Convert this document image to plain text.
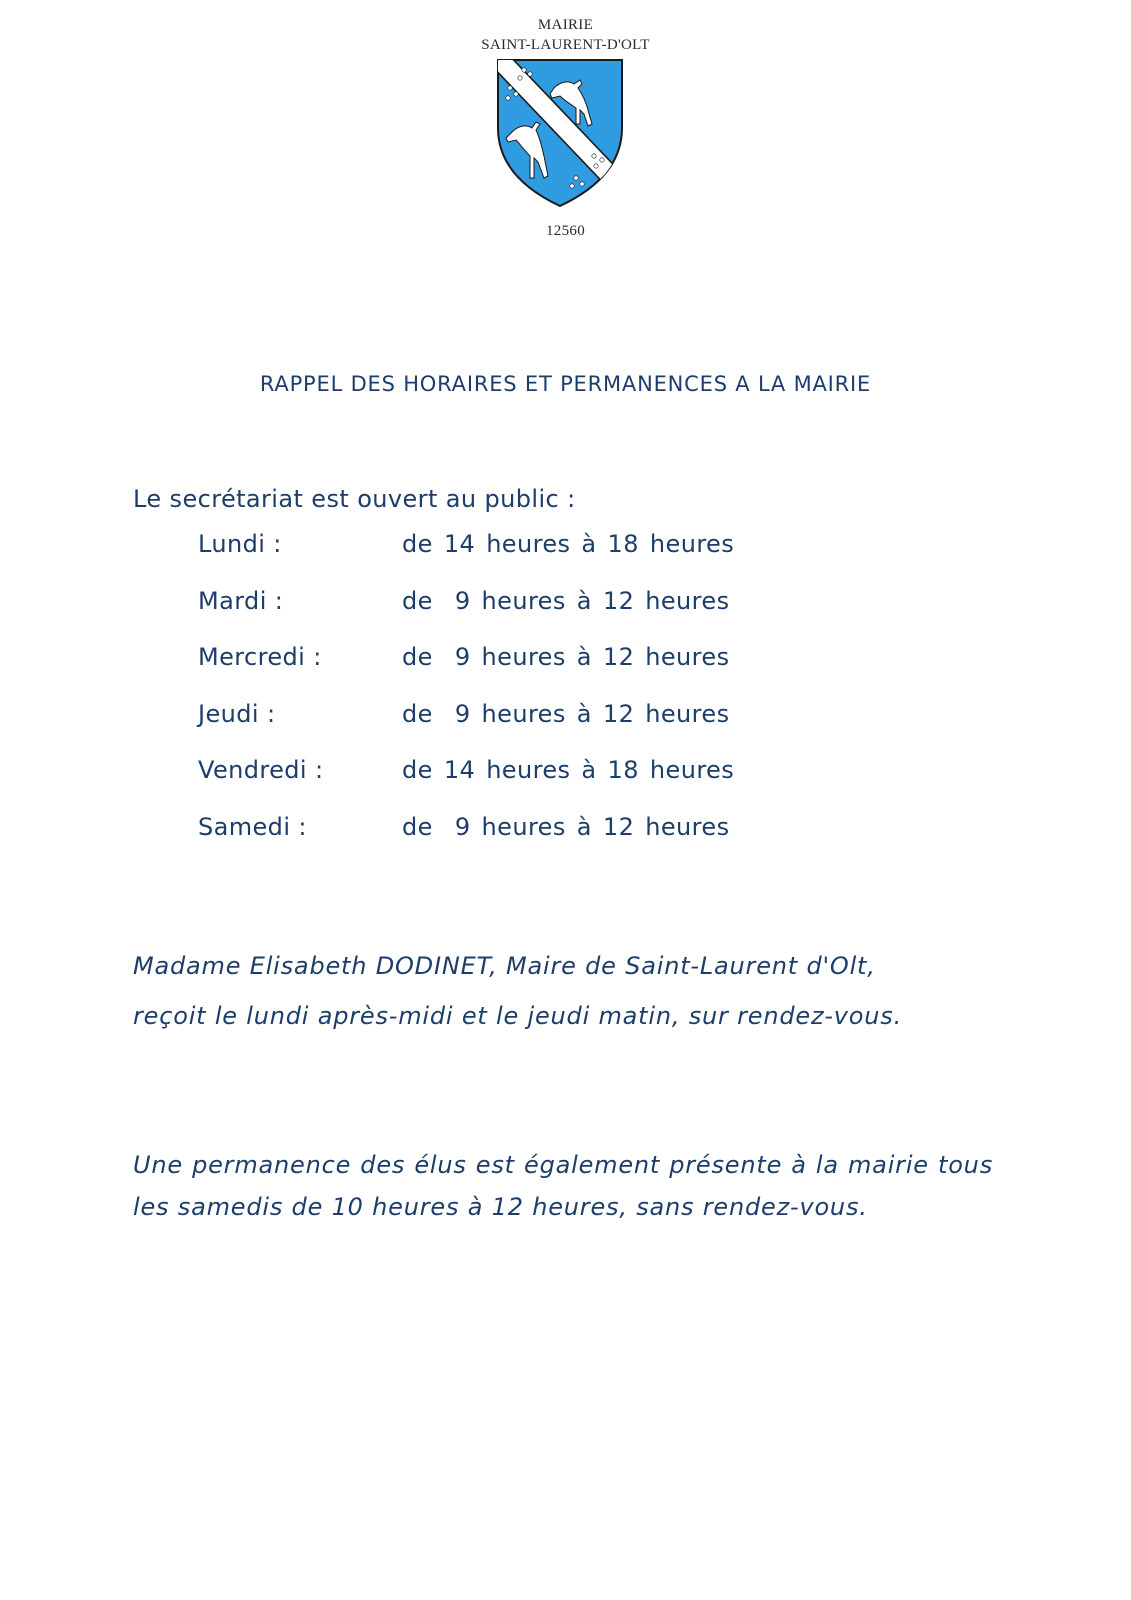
MAIRIE
SAINT-LAURENT-D'OLT
12560
RAPPEL DES HORAIRES ET PERMANENCES A LA MAIRIE
Le secrétariat est ouvert au public :
Lundi :	de 14 heures à 18 heures
Mardi :	de  9 heures à 12 heures
Mercredi :	de  9 heures à 12 heures
Jeudi :	de  9 heures à 12 heures
Vendredi :	de 14 heures à 18 heures
Samedi :	de  9 heures à 12 heures
Madame Elisabeth DODINET, Maire de Saint-Laurent d'Olt,
reçoit le lundi après-midi et le jeudi matin, sur rendez-vous.
Une permanence des élus est également présente à la mairie tous les samedis de 10 heures à 12 heures, sans rendez-vous.
